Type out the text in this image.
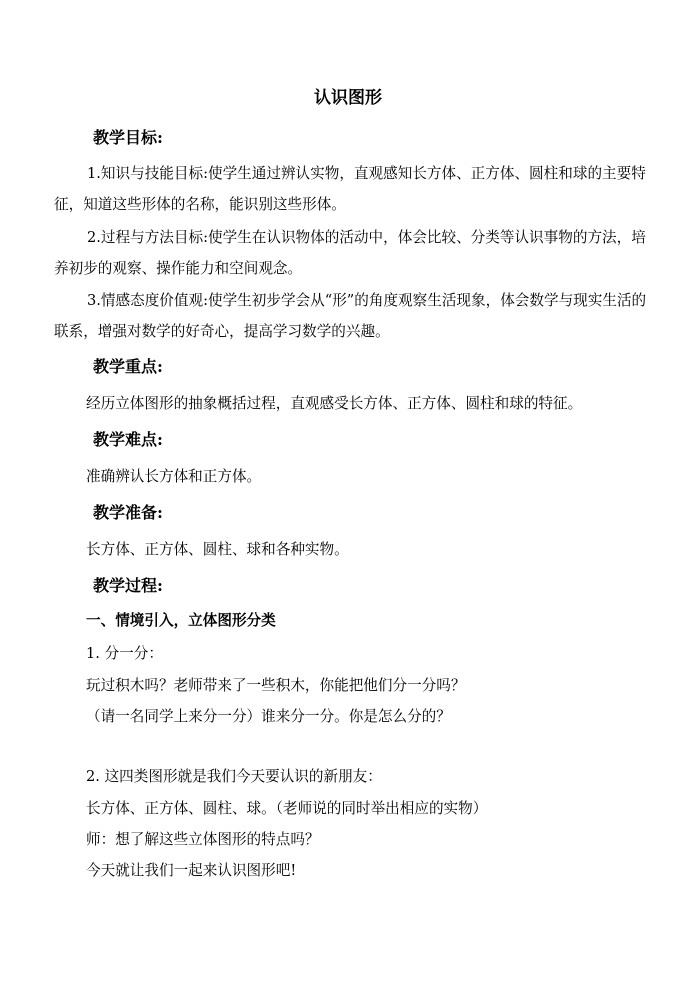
认识图形
教学目标:
1.知识与技能目标:使学生通过辨认实物，直观感知长方体、正方体、圆柱和球的主要特征，知道这些形体的名称，能识别这些形体。
2.过程与方法目标:使学生在认识物体的活动中，体会比较、分类等认识事物的方法，培养初步的观察、操作能力和空间观念。
3.情感态度价值观:使学生初步学会从“形”的角度观察生活现象，体会数学与现实生活的联系，增强对数学的好奇心，提高学习数学的兴趣。
教学重点:
经历立体图形的抽象概括过程，直观感受长方体、正方体、圆柱和球的特征。
教学难点:
准确辨认长方体和正方体。
教学准备:
长方体、正方体、圆柱、球和各种实物。
教学过程:
一、情境引入，立体图形分类
1. 分一分：
玩过积木吗？老师带来了一些积木，你能把他们分一分吗？
（请一名同学上来分一分）谁来分一分。你是怎么分的？
2. 这四类图形就是我们今天要认识的新朋友：
长方体、正方体、圆柱、球。（老师说的同时举出相应的实物）
师：想了解这些立体图形的特点吗？
今天就让我们一起来认识图形吧!
